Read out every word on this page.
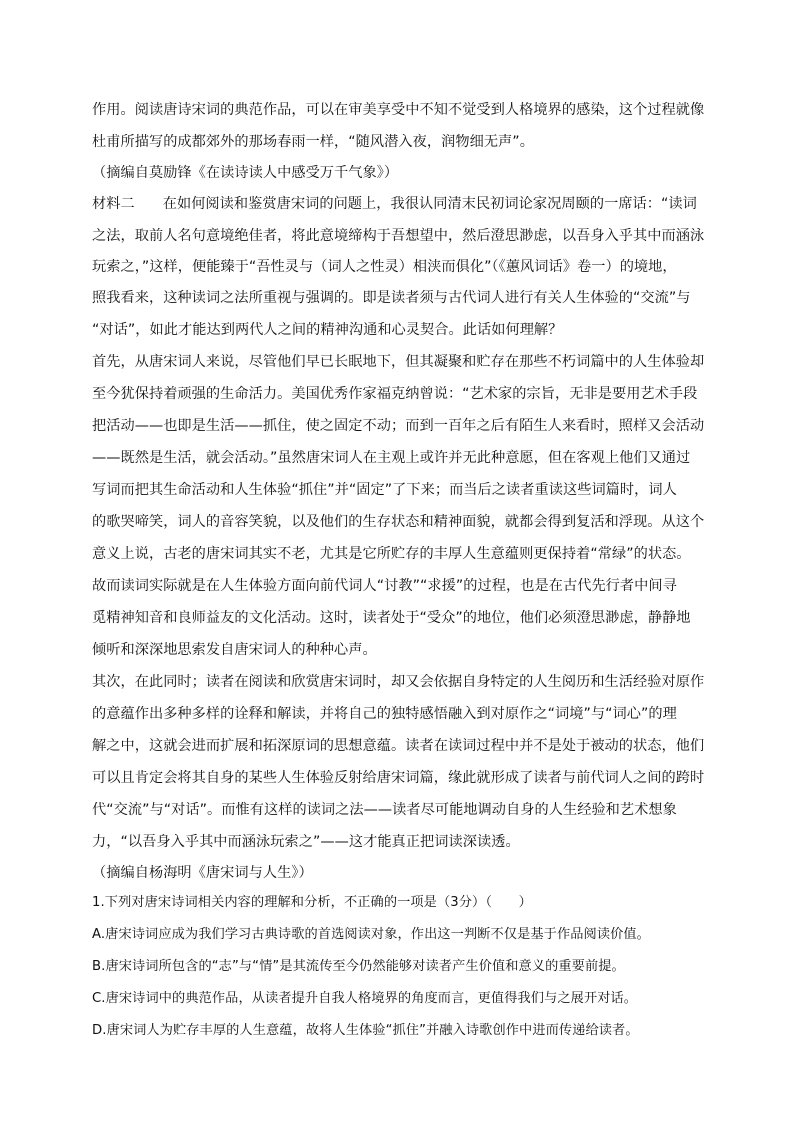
作用。阅读唐诗宋词的典范作品，可以在审美享受中不知不觉受到人格境界的感染，这个过程就像
杜甫所描写的成都郊外的那场春雨一样，“随风潜入夜，润物细无声”。
（摘编自莫励锋《在读诗读人中感受万千气象》）
材料二 在如何阅读和鉴赏唐宋词的问题上，我很认同清末民初词论家况周颐的一席话：“读词
之法，取前人名句意境绝佳者，将此意境缔构于吾想望中，然后澄思渺虑，以吾身入乎其中而涵泳
玩索之，”这样，便能臻于“吾性灵与（词人之性灵）相浃而俱化”（《蕙风词话》卷一）的境地，
照我看来，这种读词之法所重视与强调的。即是读者须与古代词人进行有关人生体验的“交流”与
“对话”，如此才能达到两代人之间的精神沟通和心灵契合。此话如何理解？
首先，从唐宋词人来说，尽管他们早已长眠地下，但其凝聚和贮存在那些不朽词篇中的人生体验却
至今犹保持着顽强的生命活力。美国优秀作家福克纳曾说：“艺术家的宗旨，无非是要用艺术手段
把活动——也即是生活——抓住，使之固定不动；而到一百年之后有陌生人来看时，照样又会活动
——既然是生活，就会活动。”虽然唐宋词人在主观上或许并无此种意愿，但在客观上他们又通过
写词而把其生命活动和人生体验“抓住”并“固定”了下来；而当后之读者重读这些词篇时，词人
的歌哭啼笑，词人的音容笑貌，以及他们的生存状态和精神面貌，就都会得到复活和浮现。从这个
意义上说，古老的唐宋词其实不老，尤其是它所贮存的丰厚人生意蕴则更保持着“常绿”的状态。
故而读词实际就是在人生体验方面向前代词人“讨教”“求援”的过程，也是在古代先行者中间寻
觅精神知音和良师益友的文化活动。这时，读者处于“受众”的地位，他们必须澄思渺虑，静静地
倾听和深深地思索发自唐宋词人的种种心声。
其次，在此同时；读者在阅读和欣赏唐宋词时，却又会依据自身特定的人生阅历和生活经验对原作
的意蕴作出多种多样的诠释和解读，并将自己的独特感悟融入到对原作之“词境”与“词心”的理
解之中，这就会进而扩展和拓深原词的思想意蕴。读者在读词过程中并不是处于被动的状态，他们
可以且肯定会将其自身的某些人生体验反射给唐宋词篇，缘此就形成了读者与前代词人之间的跨时
代“交流”与“对话”。而惟有这样的读词之法——读者尽可能地调动自身的人生经验和艺术想象
力，“以吾身入乎其中而涵泳玩索之”——这才能真正把词读深读透。
（摘编自杨海明《唐宋词与人生》）
1.下列对唐宋诗词相关内容的理解和分析，不正确的一项是（3分）（　　）
A.唐宋诗词应成为我们学习古典诗歌的首选阅读对象，作出这一判断不仅是基于作品阅读价值。
B.唐宋诗词所包含的“志”与“情”是其流传至今仍然能够对读者产生价值和意义的重要前提。
C.唐宋诗词中的典范作品，从读者提升自我人格境界的角度而言，更值得我们与之展开对话。
D.唐宋词人为贮存丰厚的人生意蕴，故将人生体验“抓住”并融入诗歌创作中进而传递给读者。
